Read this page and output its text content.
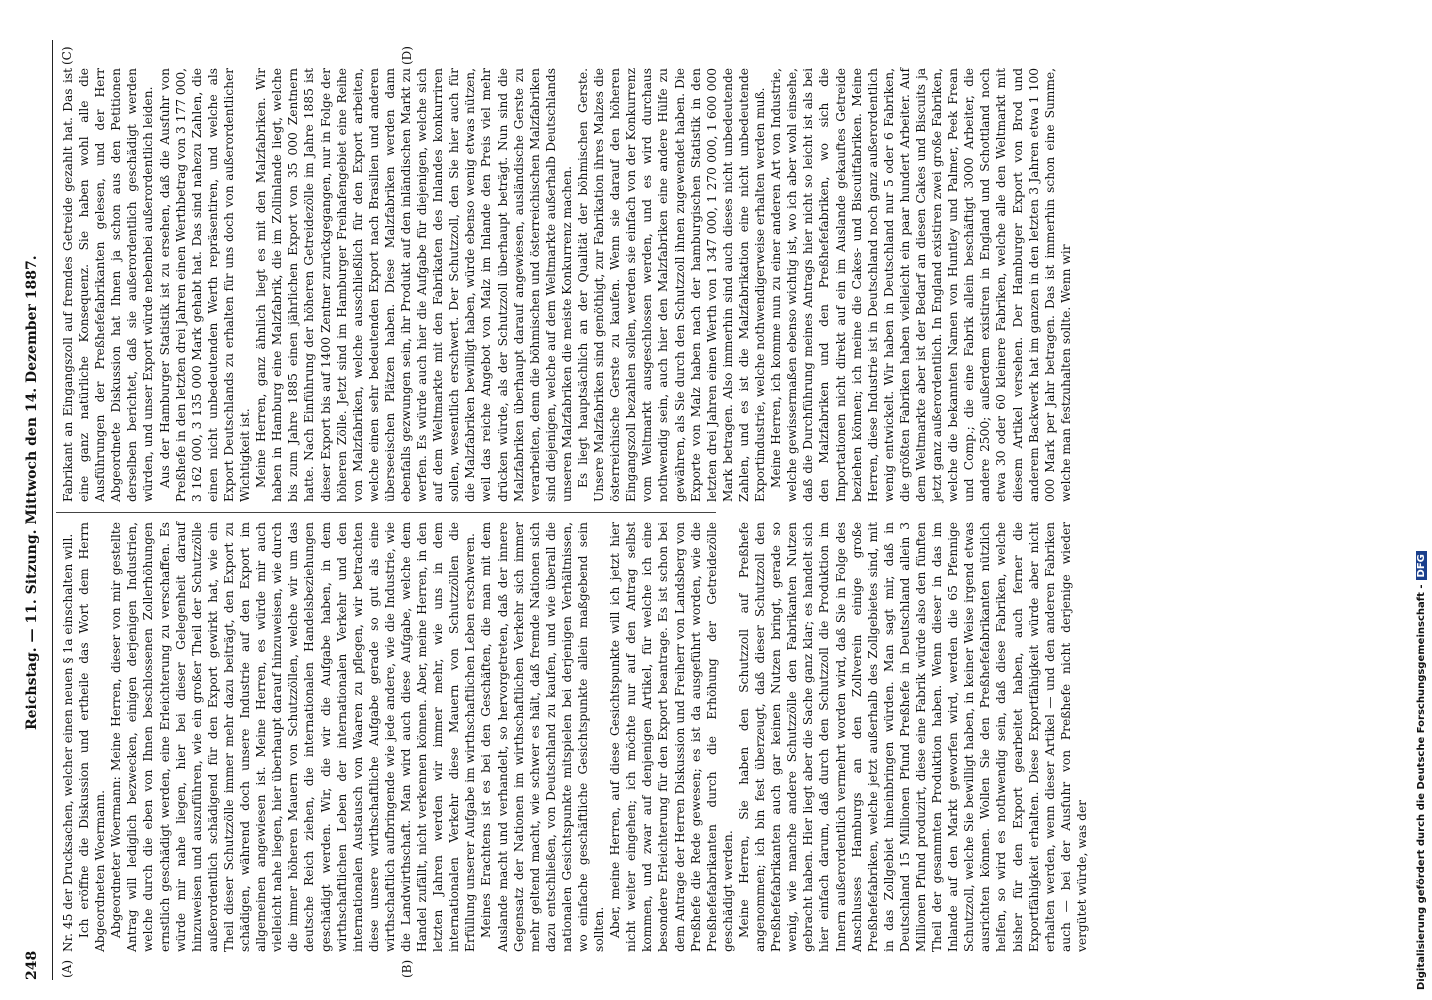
248
Reichstag. — 11. Sitzung. Mittwoch den 14. Dezember 1887.
(A)	(B)
(C)	(D)

Nr. 45 der Drucksachen, welcher einen neuen § 1a einschalten will. Ich eröffne die Diskussion und ertheile das Wort dem Herrn Abgeordneten Woermann. Abgeordneter Woermann: Meine Herren, dieser von mir gestellte Antrag will lediglich bezwecken, einigen derjenigen Industrien, welche durch die eben von Ihnen beschlossenen Zollerhöhungen ernstlich geschädigt werden, eine Erleichterung zu verschaffen. Es würde mir nahe liegen, hier bei dieser Gelegenheit darauf hinzuweisen und auszuführen, wie ein großer Theil der Schutzzölle außerordentlich schädigend für den Export gewirkt hat, wie ein Theil dieser Schutzzölle immer mehr dazu beiträgt, den Export zu schädigen, während doch unsere Industrie auf den Export im allgemeinen angewiesen ist. Meine Herren, es würde mir auch vielleicht nahe liegen, hier überhaupt darauf hinzuweisen, wie durch die immer höheren Mauern von Schutzzöllen, welche wir um das deutsche Reich ziehen, die internationalen Handelsbeziehungen geschädigt werden. Wir, die wir die Aufgabe haben, in dem wirthschaftlichen Leben der internationalen Verkehr und den internationalen Austausch von Waaren zu pflegen, wir betrachten diese unsere wirthschaftliche Aufgabe gerade so gut als eine wirthschaftlich aufbringende wie jede andere, wie die Industrie, wie die Landwirthschaft. Man wird auch diese Aufgabe, welche dem Handel zufällt, nicht verkennen können. Aber, meine Herren, in den letzten Jahren werden wir immer mehr, wie uns in dem internationalen Verkehr diese Mauern von Schutzzöllen die Erfüllung unserer Aufgabe im wirthschaftlichen Leben erschweren. Meines Erachtens ist es bei den Geschäften, die man mit dem Auslande macht und verhandelt, so hervorgetreten, daß der innere Gegensatz der Nationen im wirthschaftlichen Verkehr sich immer mehr geltend macht, wie schwer es hält, daß fremde Nationen sich dazu entschließen, von Deutschland zu kaufen, und wie überall die nationalen Gesichtspunkte mitspielen bei derjenigen Verhältnissen, wo einfache geschäftliche Gesichtspunkte allein maßgebend sein sollten. Aber, meine Herren, auf diese Gesichtspunkte will ich jetzt hier nicht weiter eingehen; ich möchte nur auf den Antrag selbst kommen, und zwar auf denjenigen Artikel, für welche ich eine besondere Erleichterung für den Export beantrage. Es ist schon bei dem Antrage der Herren Diskussion und Freiherr von Landsberg von Preßhefe die Rede gewesen; es ist da ausgeführt worden, wie die Preßhefefabrikanten durch die Erhöhung der Getreidezölle geschädigt werden. Meine Herren, Sie haben den Schutzzoll auf Preßhefe angenommen; ich bin fest überzeugt, daß dieser Schutzzoll den Preßhefefabrikanten auch gar keinen Nutzen bringt, gerade so wenig, wie manche andere Schutzzölle den Fabrikanten Nutzen gebracht haben. Hier liegt aber die Sache ganz klar; es handelt sich hier einfach darum, daß durch den Schutzzoll die Produktion im Innern außerordentlich vermehrt worden wird, daß Sie in Folge des Anschlusses Hamburgs an den Zollverein einige große Preßhefefabriken, welche jetzt außerhalb des Zollgebietes sind, mit in das Zollgebiet hineinbringen würden. Man sagt mir, daß in Deutschland 15 Millionen Pfund Preßhefe in Deutschland allein 3 Millionen Pfund produzirt, diese eine Fabrik würde also den fünften Theil der gesammten Produktion haben. Wenn dieser in das im Inlande auf den Markt geworfen wird, werden die 65 Pfennige Schutzzoll, welche Sie bewilligt haben, in keiner Weise irgend etwas ausrichten können. Wollen Sie den Preßhefefabrikanten nützlich helfen, so wird es nothwendig sein, daß diese Fabriken, welche bisher für den Export gearbeitet haben, auch ferner die Exportfähigkeit erhalten. Diese Exportfähigkeit würde aber nicht erhalten werden, wenn dieser Artikel — und den anderen Fabriken auch — bei der Ausfuhr von Preßhefe nicht derjenige wieder vergütet würde, was der

Fabrikant an Eingangszoll auf fremdes Getreide gezahlt hat. Das ist eine ganz natürliche Konsequenz. Sie haben wohl alle die Ausführungen der Preßhefefabrikanten gelesen, und der Herr Abgeordnete Diskussion hat Ihnen ja schon aus den Petitionen derselben berichtet, daß sie außerordentlich geschädigt werden würden, und unser Export würde nebenbei außerordentlich leiden. Aus der Hamburger Statistik ist zu ersehen, daß die Ausfuhr von Preßhefe in den letzten drei Jahren einen Werthbetrag von 3 177 000, 3 162 000, 3 135 000 Mark gehabt hat. Das sind nahezu Zahlen, die einen nicht unbedeutenden Werth repräsentiren, und welche als Export Deutschlands zu erhalten für uns doch von außerordentlicher Wichtigkeit ist. Meine Herren, ganz ähnlich liegt es mit den Malzfabriken. Wir haben in Hamburg eine Malzfabrik, die im Zollinlande liegt, welche bis zum Jahre 1885 einen jährlichen Export von 35 000 Zentnern hatte. Nach Einführung der höheren Getreidezölle im Jahre 1885 ist dieser Export bis auf 1400 Zentner zurückgegangen, nur in Folge der höheren Zölle. Jetzt sind im Hamburger Freihafengebiet eine Reihe von Malzfabriken, welche ausschließlich für den Export arbeiten, welche einen sehr bedeutenden Export nach Brasilien und anderen überseeischen Plätzen haben. Diese Malzfabriken werden dann ebenfalls gezwungen sein, ihr Produkt auf den inländischen Markt zu werfen. Es würde auch hier die Aufgabe für diejenigen, welche sich auf dem Weltmarkte mit den Fabrikaten des Inlandes konkurriren sollen, wesentlich erschwert. Der Schutzzoll, den Sie hier auch für die Malzfabriken bewilligt haben, würde ebenso wenig etwas nützen, weil das reiche Angebot von Malz im Inlande den Preis viel mehr drücken würde, als der Schutzzoll überhaupt beträgt. Nun sind die Malzfabriken überhaupt darauf angewiesen, ausländische Gerste zu verarbeiten, denn die böhmischen und österreichischen Malzfabriken sind diejenigen, welche auf dem Weltmarkte außerhalb Deutschlands unseren Malzfabriken die meiste Konkurrenz machen. Es liegt hauptsächlich an der Qualität der böhmischen Gerste. Unsere Malzfabriken sind genöthigt, zur Fabrikation ihres Malzes die österreichische Gerste zu kaufen. Wenn sie darauf den höheren Eingangszoll bezahlen sollen, werden sie einfach von der Konkurrenz vom Weltmarkt ausgeschlossen werden, und es wird durchaus nothwendig sein, auch hier den Malzfabriken eine andere Hülfe zu gewähren, als Sie durch den Schutzzoll ihnen zugewendet haben. Die Exporte von Malz haben nach der hamburgischen Statistik in den letzten drei Jahren einen Werth von 1 347 000, 1 270 000, 1 600 000 Mark betragen. Also immerhin sind auch dieses nicht unbedeutende Zahlen, und es ist die Malzfabrikation eine nicht unbedeutende Exportindustrie, welche nothwendigerweise erhalten werden muß. Meine Herren, ich komme nun zu einer anderen Art von Industrie, welche gewissermaßen ebenso wichtig ist, wo ich aber wohl einsehe, daß die Durchführung meines Antrags hier nicht so leicht ist als bei den Malzfabriken und den Preßhefefabriken, wo sich die Importationen nicht direkt auf ein im Auslande gekauftes Getreide beziehen können; ich meine die Cakes- und Biscuitfabriken. Meine Herren, diese Industrie ist in Deutschland noch ganz außerordentlich wenig entwickelt. Wir haben in Deutschland nur 5 oder 6 Fabriken, die größten Fabriken haben vielleicht ein paar hundert Arbeiter. Auf dem Weltmarkte aber ist der Bedarf an diesen Cakes und Biscuits ja jetzt ganz außerordentlich. In England existiren zwei große Fabriken, welche die bekannten Namen von Huntley und Palmer, Peek Frean und Comp.; die eine Fabrik allein beschäftigt 3000 Arbeiter, die andere 2500; außerdem existiren in England und Schottland noch etwa 30 oder 60 kleinere Fabriken, welche alle den Weltmarkt mit diesem Artikel versehen. Der Hamburger Export von Brod und anderem Backwerk hat im ganzen in den letzten 3 Jahren etwa 1 100 000 Mark per Jahr betragen. Das ist immerhin schon eine Summe, welche man festzuhalten sollte. Wenn wir

Digitalisierung gefördert durch die Deutsche Forschungsgemeinschaft -DFG
